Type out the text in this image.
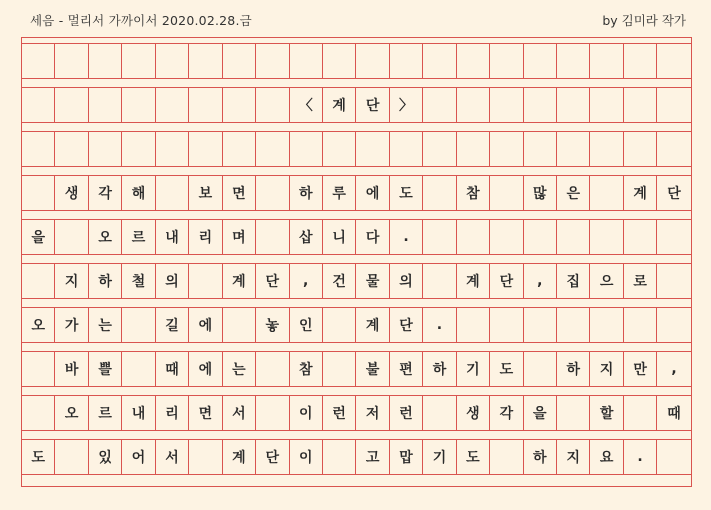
세음 - 멀리서 가까이서 2020.02.28.금	by 김미라 작가
〈	계	단	〉
생	각	해	보	면	하	루	에	도	참	많	은	계	단
을	오	르	내	리	며	삽	니	다	.
지	하	철	의	계	단	,	건	물	의	계	단	,	집	으	로
오	가	는	길	에	놓	인	계	단	.
바	쁠	때	에	는	참	불	편	하	기	도	하	지	만	,
오	르	내	리	면	서	이	런	저	런	생	각	을	할	때
도	있	어	서	계	단	이	고	맙	기	도	하	지	요	.
